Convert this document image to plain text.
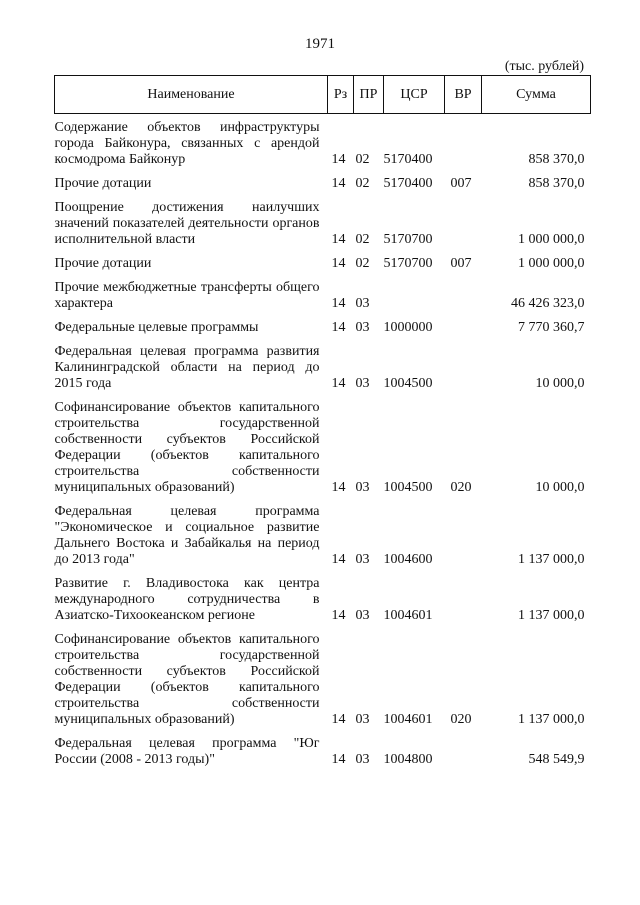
1971
(тыс. рублей)
Наименование	Рз	ПР	ЦСР	ВР	Сумма
Содержание объектов инфраструктуры города Байконура, связанных с арендой космодрома Байконур	14	02	5170400		858 370,0
Прочие дотации	14	02	5170400	007	858 370,0
Поощрение достижения наилучших значений показателей деятельности органов исполнительной власти	14	02	5170700		1 000 000,0
Прочие дотации	14	02	5170700	007	1 000 000,0
Прочие межбюджетные трансферты общего характера	14	03			46 426 323,0
Федеральные целевые программы	14	03	1000000		7 770 360,7
Федеральная целевая программа развития Калининградской области на период до 2015 года	14	03	1004500		10 000,0
Софинансирование объектов капитального строительства государственной собственности субъектов Российской Федерации (объектов капитального строительства собственности муниципальных образований)	14	03	1004500	020	10 000,0
Федеральная целевая программа "Экономическое и социальное развитие Дальнего Востока и Забайкалья на период до 2013 года"	14	03	1004600		1 137 000,0
Развитие г. Владивостока как центра международного сотрудничества в Азиатско-Тихоокеанском регионе	14	03	1004601		1 137 000,0
Софинансирование объектов капитального строительства государственной собственности субъектов Российской Федерации (объектов капитального строительства собственности муниципальных образований)	14	03	1004601	020	1 137 000,0
Федеральная целевая программа "Юг России (2008 - 2013 годы)"	14	03	1004800		548 549,9
